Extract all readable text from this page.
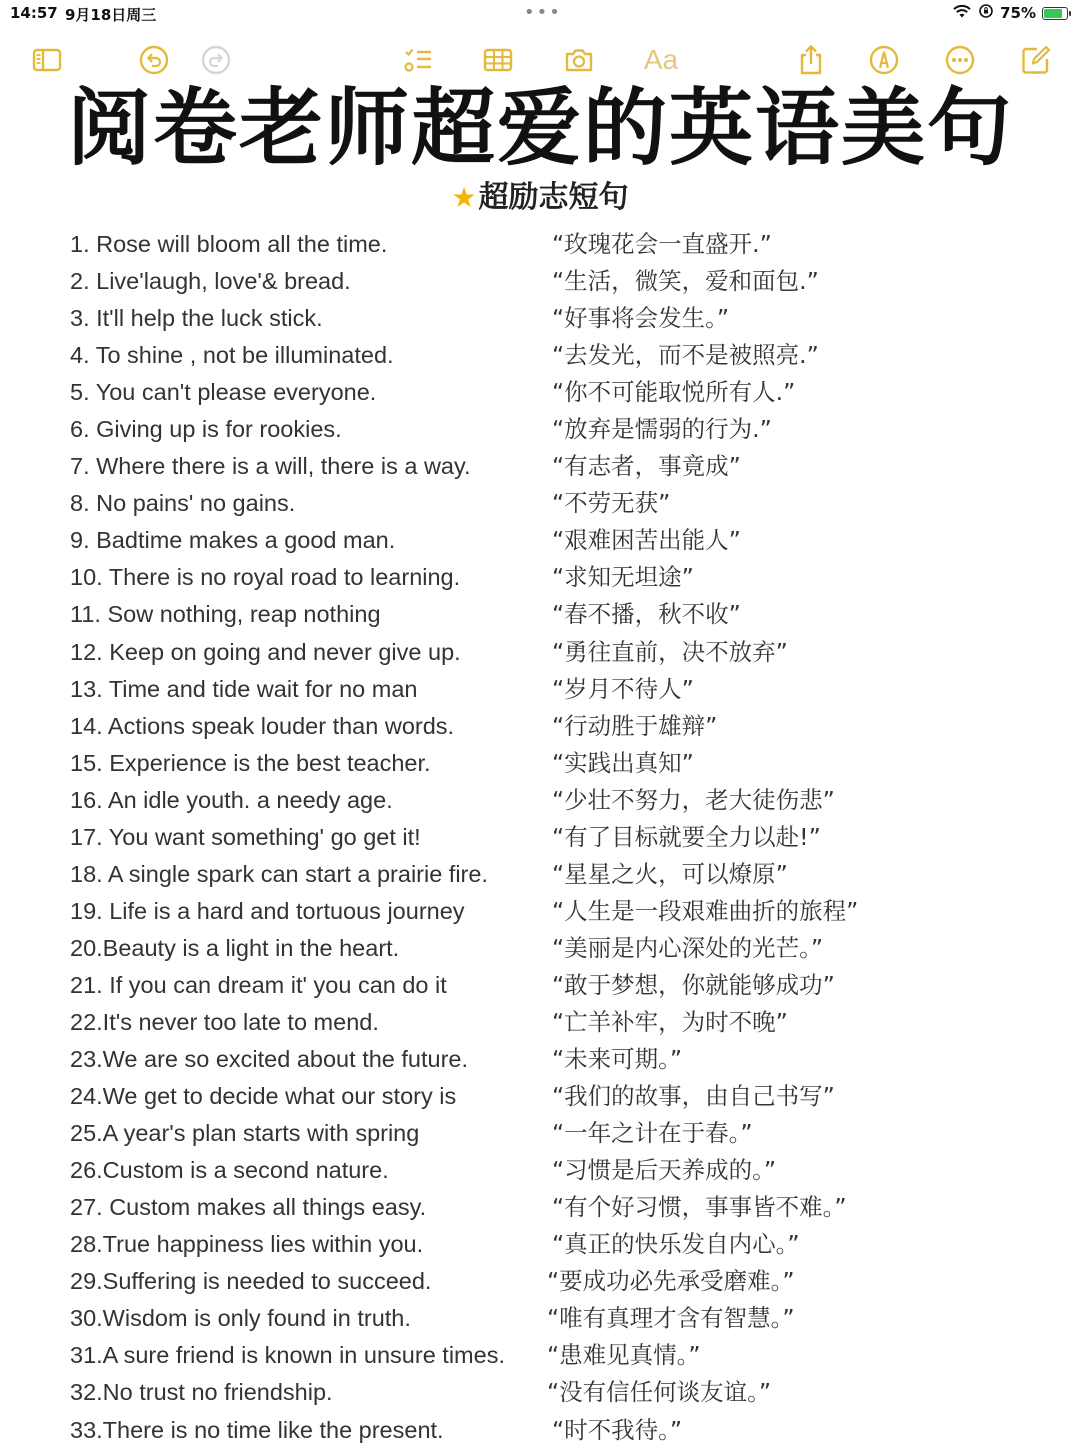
14:57 9月18日周三	•••	75%
Aa
阅卷老师超爱的英语美句
★超励志短句
1. Rose will bloom all the time.	“玫瑰花会一直盛开.”
2. Live'laugh, love'& bread.	“生活，微笑，爱和面包.”
3. It'll help the luck stick.	“好事将会发生。”
4. To shine , not be illuminated.	“去发光，而不是被照亮.”
5. You can't please everyone.	“你不可能取悦所有人.”
6. Giving up is for rookies.	“放弃是懦弱的行为.”
7. Where there is a will, there is a way.	“有志者，事竟成”
8. No pains' no gains.	“不劳无获”
9. Badtime makes a good man.	“艰难困苦出能人”
10. There is no royal road to learning.	“求知无坦途”
11. Sow nothing, reap nothing	“春不播，秋不收”
12. Keep on going and never give up.	“勇往直前，决不放弃”
13. Time and tide wait for no man	“岁月不待人”
14. Actions speak louder than words.	“行动胜于雄辩”
15. Experience is the best teacher.	“实践出真知”
16. An idle youth. a needy age.	“少壮不努力，老大徒伤悲”
17. You want something' go get it!	“有了目标就要全力以赴!”
18. A single spark can start a prairie fire.	“星星之火，可以燎原”
19. Life is a hard and tortuous journey	“人生是一段艰难曲折的旅程”
20.Beauty is a light in the heart.	“美丽是内心深处的光芒。”
21. If you can dream it' you can do it	“敢于梦想，你就能够成功”
22.It's never too late to mend.	“亡羊补牢，为时不晚”
23.We are so excited about the future.	“未来可期。”
24.We get to decide what our story is	“我们的故事，由自己书写”
25.A year's plan starts with spring	“一年之计在于春。”
26.Custom is a second nature.	“习惯是后天养成的。”
27. Custom makes all things easy.	“有个好习惯，事事皆不难。”
28.True happiness lies within you.	“真正的快乐发自内心。”
29.Suffering is needed to succeed.	“要成功必先承受磨难。”
30.Wisdom is only found in truth.	“唯有真理才含有智慧。”
31.A sure friend is known in unsure times. “患难见真情。”
32.No trust no friendship.	“没有信任何谈友谊。”
33.There is no time like the present.	“时不我待。”
